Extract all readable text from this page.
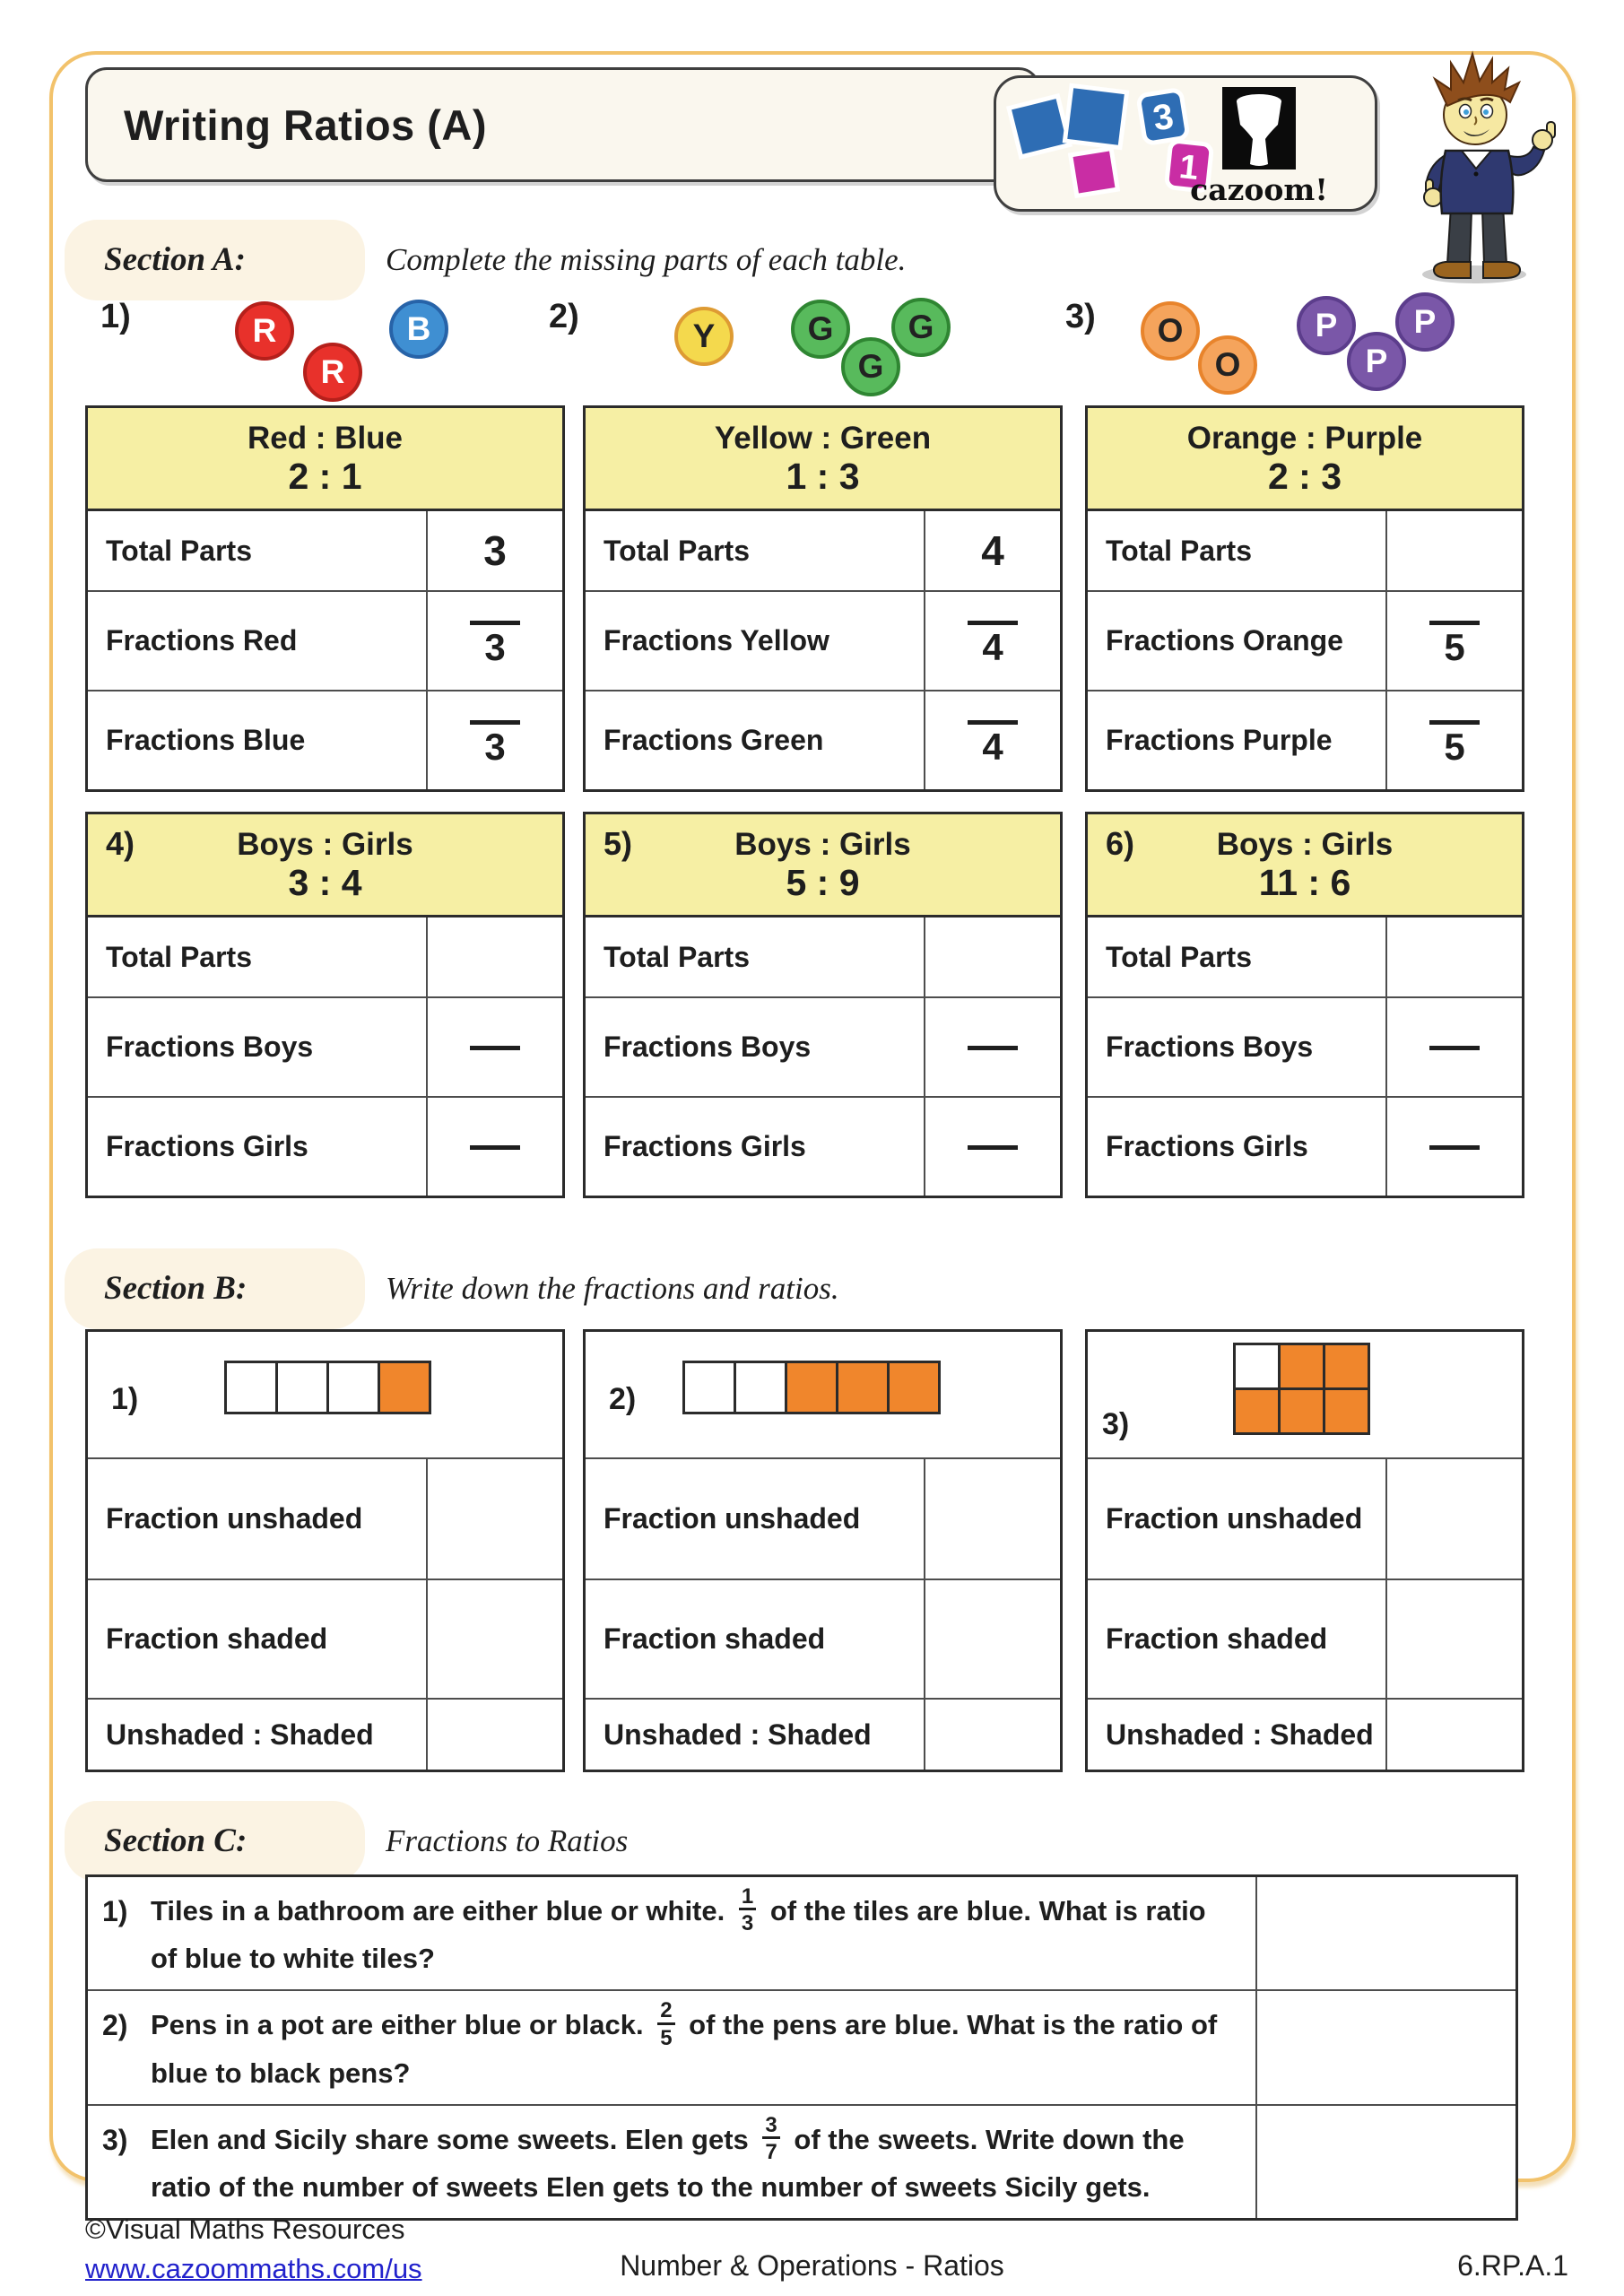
Writing Ratios (A)	3
1
cazoom!
Section A:	Complete the missing parts of each table.
1)	R
R
B	2)
Y	G
G
G	3) O
O
P
P
P
Red : Blue
2 : 1
Total Parts	3
Fractions Red	3
Fractions Blue	3
Yellow : Green
1 : 3
Total Parts	4
Fractions Yellow	4
Fractions Green	4
Orange : Purple
2 : 3
Total Parts
Fractions Orange	5
Fractions Purple	5
4)	Boys : Girls
3 : 4
Total Parts
Fractions Boys
Fractions Girls
5)	Boys : Girls
5 : 9
Total Parts
Fractions Boys
Fractions Girls
6)	Boys : Girls
11 : 6
Total Parts
Fractions Boys
Fractions Girls
Section B:	Write down the fractions and ratios.
1)
Fraction unshaded
Fraction shaded
Unshaded : Shaded
2)
Fraction unshaded
Fraction shaded
Unshaded : Shaded
3)
Fraction unshaded
Fraction shaded
Unshaded : Shaded
Section C:	Fractions to Ratios
1) Tiles in a bathroom are either blue or white. $\frac{1}{3}$ of the tiles are blue. What is ratio of blue to white tiles?
2) Pens in a pot are either blue or black. $\frac{2}{5}$ of the pens are blue. What is the ratio of blue to black pens?
3) Elen and Sicily share some sweets. Elen gets $\frac{3}{7}$ of the sweets. Write down the ratio of the number of sweets Elen gets to the number of sweets Sicily gets.
©Visual Maths Resources
www.cazoommaths.com/us	Number & Operations - Ratios	6.RP.A.1
